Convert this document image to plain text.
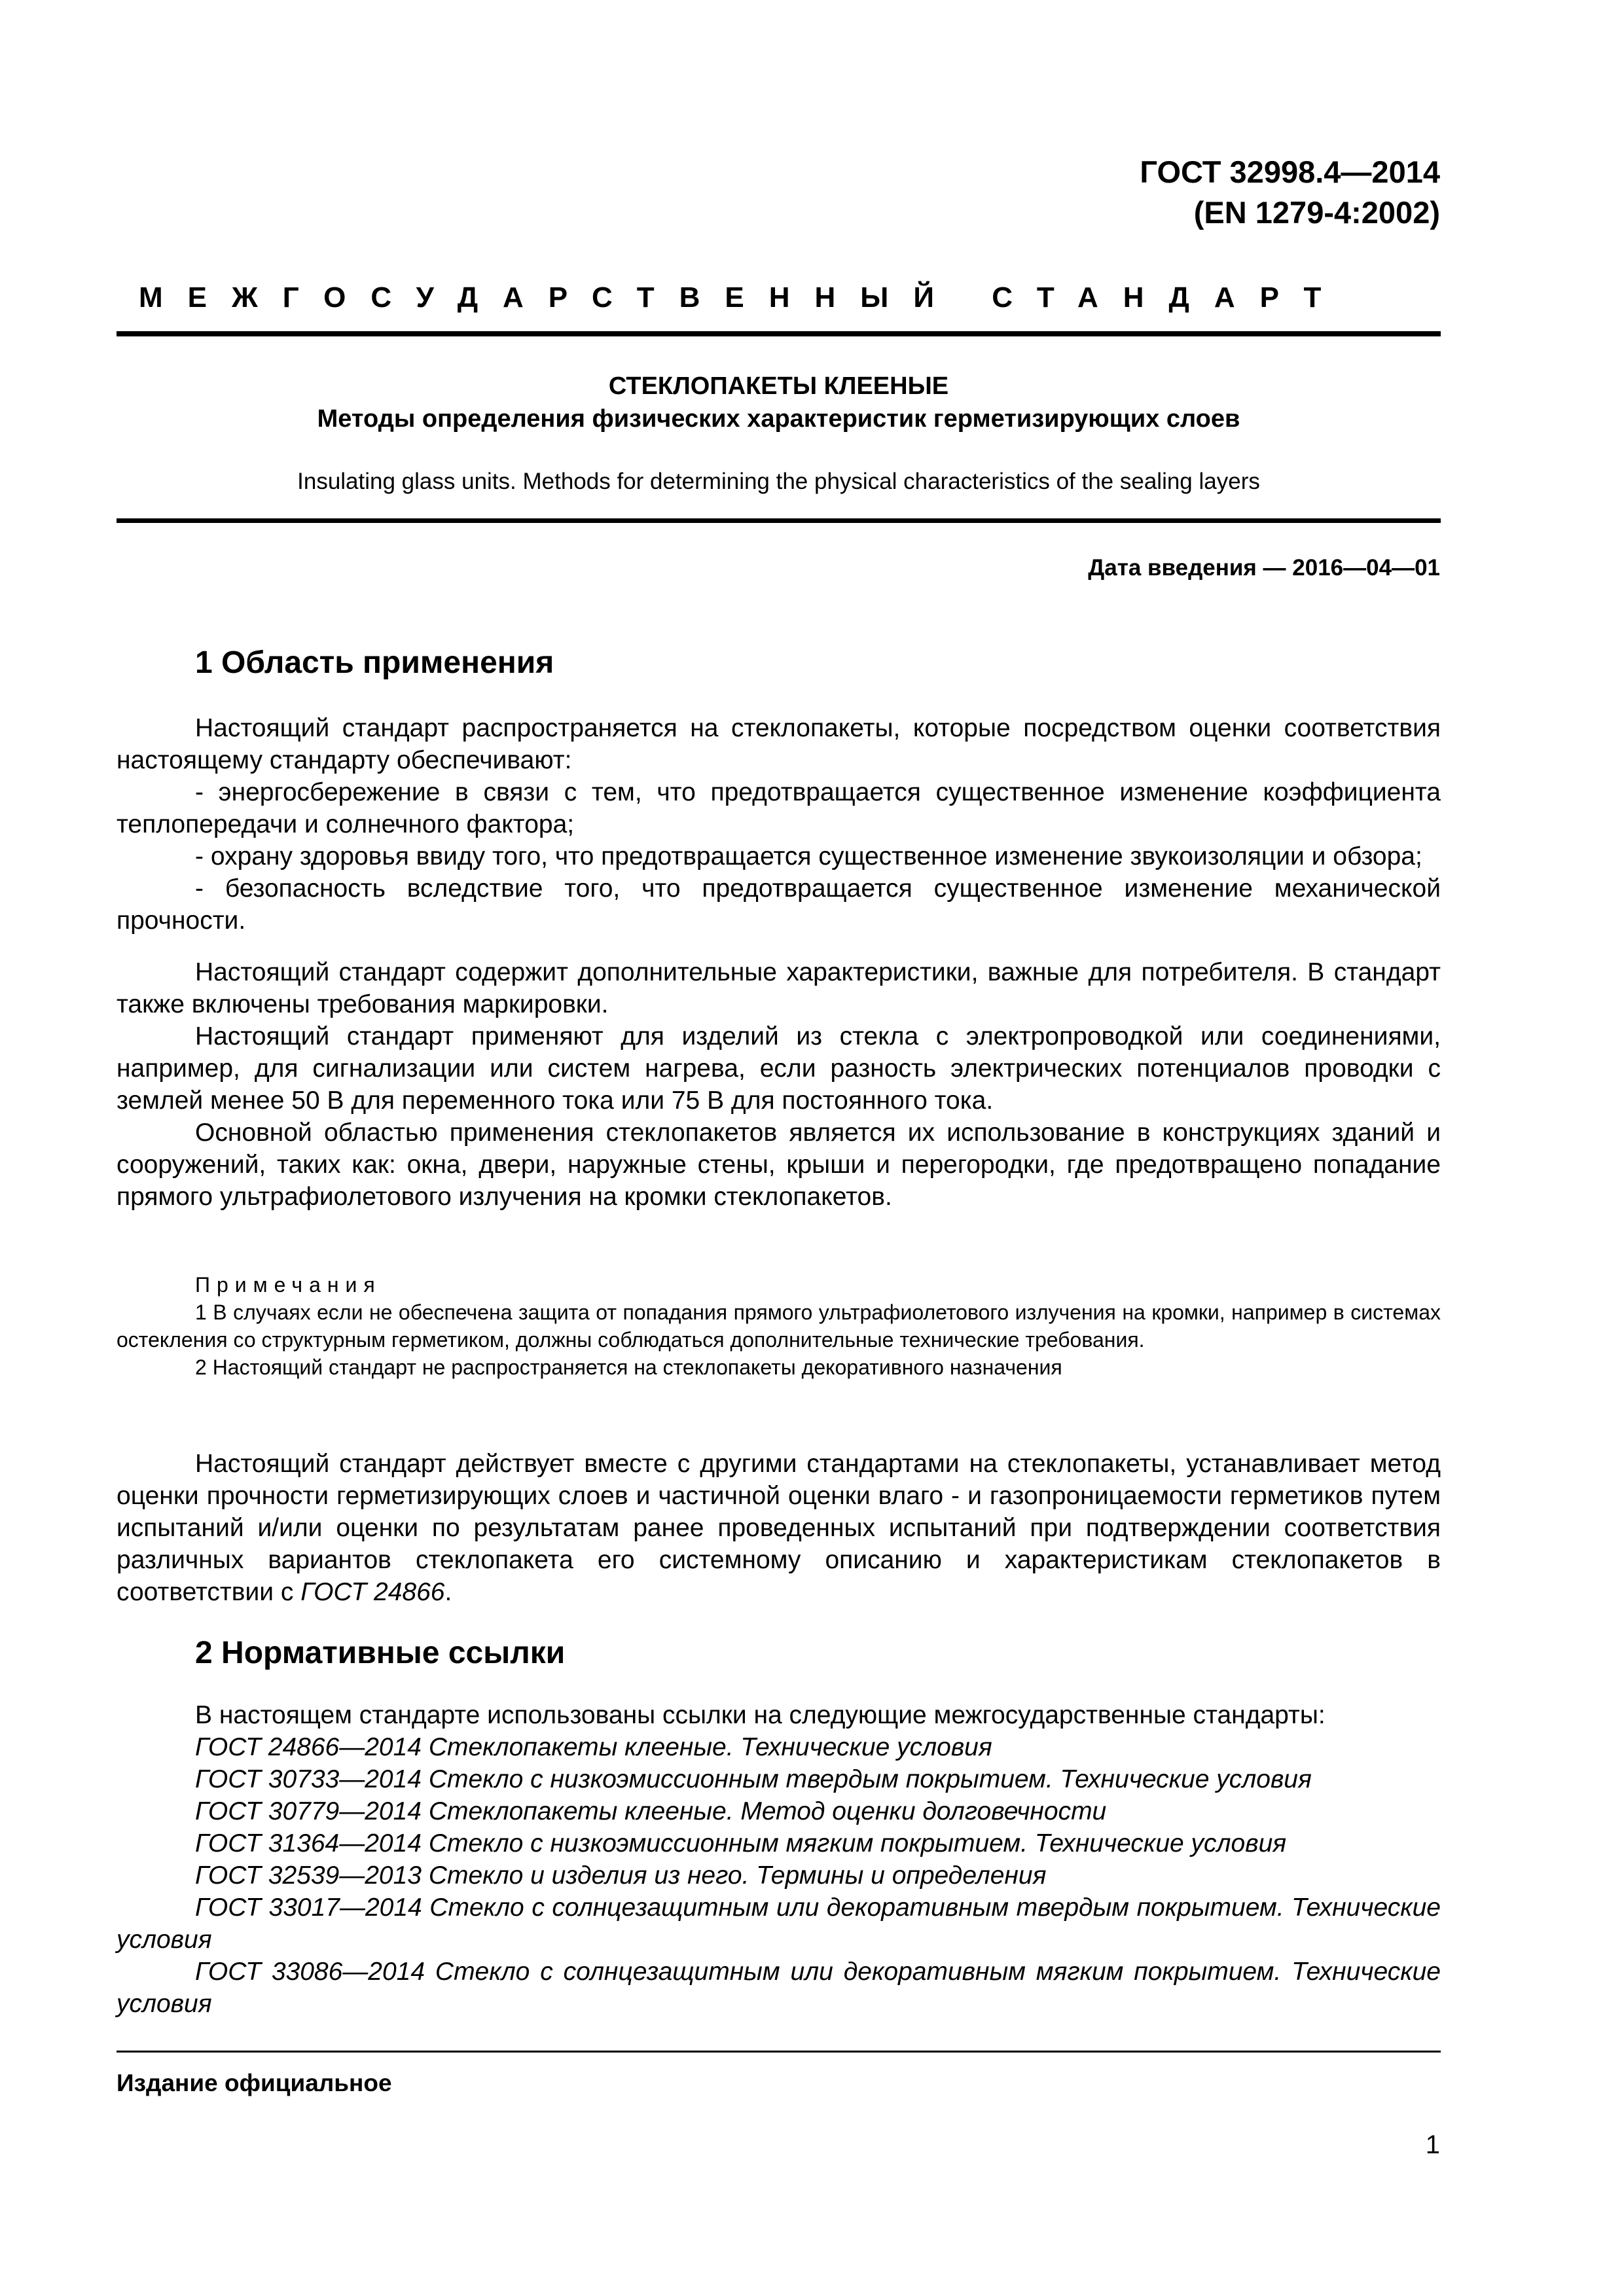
ГОСТ 32998.4—2014
(EN 1279-4:2002)
МЕЖГОСУДАРСТВЕННЫЙ СТАНДАРТ
СТЕКЛОПАКЕТЫ КЛЕЕНЫЕ
Методы определения физических характеристик герметизирующих слоев
Insulating glass units. Methods for determining the physical characteristics of the sealing layers
Дата введения — 2016—04—01
1 Область применения

Настоящий стандарт распространяется на стеклопакеты, которые посредством оценки соответствия настоящему стандарту обеспечивают:

- энергосбережение в связи с тем, что предотвращается существенное изменение коэффициента теплопередачи и солнечного фактора;

- охрану здоровья ввиду того, что предотвращается существенное изменение звукоизоляции и обзора;

- безопасность вследствие того, что предотвращается существенное изменение механической прочности.

Настоящий стандарт содержит дополнительные характеристики, важные для потребителя. В стандарт также включены требования маркировки.

Настоящий стандарт применяют для изделий из стекла с электропроводкой или соединениями, например, для сигнализации или систем нагрева, если разность электрических потенциалов проводки с землей менее 50 В для переменного тока или 75 В для постоянного тока.

Основной областью применения стеклопакетов является их использование в конструкциях зданий и сооружений, таких как: окна, двери, наружные стены, крыши и перегородки, где предотвращено попадание прямого ультрафиолетового излучения на кромки стеклопакетов.

Примечания

1 В случаях если не обеспечена защита от попадания прямого ультрафиолетового излучения на кромки, например в системах остекления со структурным герметиком, должны соблюдаться дополнительные технические требования.

2 Настоящий стандарт не распространяется на стеклопакеты декоративного назначения

Настоящий стандарт действует вместе с другими стандартами на стеклопакеты, устанавливает метод оценки прочности герметизирующих слоев и частичной оценки влаго - и газопроницаемости герметиков путем испытаний и/или оценки по результатам ранее проведенных испытаний при подтверждении соответствия различных вариантов стеклопакета его системному описанию и характеристикам стеклопакетов в соответствии с ГОСТ 24866.

2 Нормативные ссылки

В настоящем стандарте использованы ссылки на следующие межгосударственные стандарты:

ГОСТ 24866—2014 Стеклопакеты клееные. Технические условия

ГОСТ 30733—2014 Стекло с низкоэмиссионным твердым покрытием. Технические условия

ГОСТ 30779—2014 Стеклопакеты клееные. Метод оценки долговечности

ГОСТ 31364—2014 Стекло с низкоэмиссионным мягким покрытием. Технические условия

ГОСТ 32539—2013 Стекло и изделия из него. Термины и определения

ГОСТ 33017—2014 Стекло с солнцезащитным или декоративным твердым покрытием. Технические условия

ГОСТ 33086—2014 Стекло с солнцезащитным или декоративным мягким покрытием. Технические условия

Издание официальное
1
